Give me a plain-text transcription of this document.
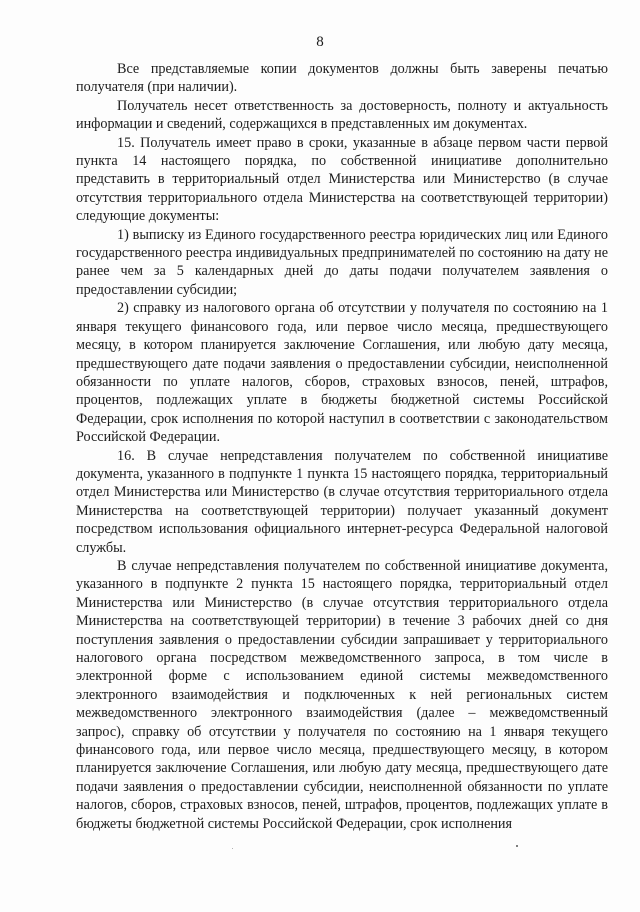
8

Все представляемые копии документов должны быть заверены печатью получателя (при наличии).

Получатель несет ответственность за достоверность, полноту и актуальность информации и сведений, содержащихся в представленных им документах.

15. Получатель имеет право в сроки, указанные в абзаце первом части первой пункта 14 настоящего порядка, по собственной инициативе дополнительно представить в территориальный отдел Министерства или Министерство (в случае отсутствия территориального отдела Министерства на соответствующей территории) следующие документы:

1) выписку из Единого государственного реестра юридических лиц или Единого государственного реестра индивидуальных предпринимателей по состоянию на дату не ранее чем за 5 календарных дней до даты подачи получателем заявления о предоставлении субсидии;

2) справку из налогового органа об отсутствии у получателя по состоянию на 1 января текущего финансового года, или первое число месяца, предшествующего месяцу, в котором планируется заключение Соглашения, или любую дату месяца, предшествующего дате подачи заявления о предоставлении субсидии, неисполненной обязанности по уплате налогов, сборов, страховых взносов, пеней, штрафов, процентов, подлежащих уплате в бюджеты бюджетной системы Российской Федерации, срок исполнения по которой наступил в соответствии с законодательством Российской Федерации.

16. В случае непредставления получателем по собственной инициативе документа, указанного в подпункте 1 пункта 15 настоящего порядка, территориальный отдел Министерства или Министерство (в случае отсутствия территориального отдела Министерства на соответствующей территории) получает указанный документ посредством использования официального интернет-ресурса Федеральной налоговой службы.

В случае непредставления получателем по собственной инициативе документа, указанного в подпункте 2 пункта 15 настоящего порядка, территориальный отдел Министерства или Министерство (в случае отсутствия территориального отдела Министерства на соответствующей территории) в течение 3 рабочих дней со дня поступления заявления о предоставлении субсидии запрашивает у территориального налогового органа посредством межведомственного запроса, в том числе в электронной форме с использованием единой системы межведомственного электронного взаимодействия и подключенных к ней региональных систем межведомственного электронного взаимодействия (далее – межведомственный запрос), справку об отсутствии у получателя по состоянию на 1 января текущего финансового года, или первое число месяца, предшествующего месяцу, в котором планируется заключение Соглашения, или любую дату месяца, предшествующего дате подачи заявления о предоставлении субсидии, неисполненной обязанности по уплате налогов, сборов, страховых взносов, пеней, штрафов, процентов, подлежащих уплате в бюджеты бюджетной системы Российской Федерации, срок исполнения
